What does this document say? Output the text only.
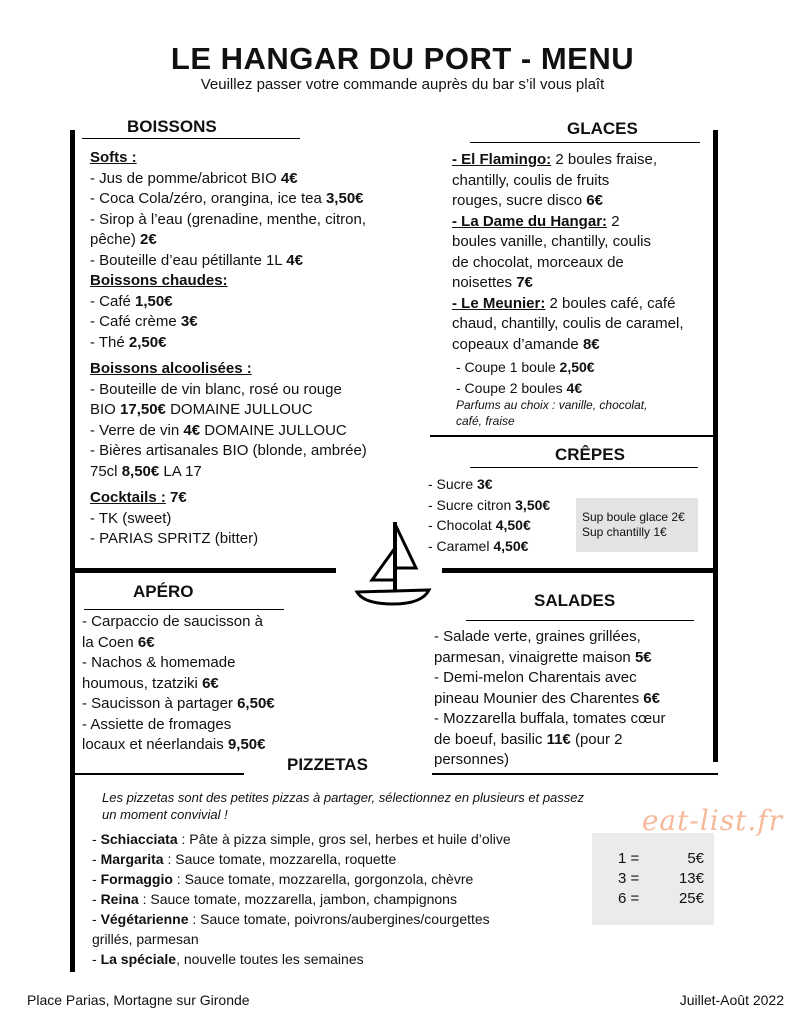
LE HANGAR DU PORT - MENU
Veuillez passer votre commande auprès du bar s’il vous plaît
BOISSONS
Softs :
- Jus de pomme/abricot BIO 4€
- Coca Cola/zéro, orangina, ice tea 3,50€
- Sirop à l’eau (grenadine, menthe, citron,
pêche) 2€
- Bouteille d’eau pétillante 1L 4€
Boissons chaudes:
- Café 1,50€
- Café crème 3€
- Thé 2,50€
Boissons alcoolisées :
- Bouteille de vin blanc, rosé ou rouge
BIO 17,50€ DOMAINE JULLOUC
- Verre de vin 4€ DOMAINE JULLOUC
- Bières artisanales BIO (blonde, ambrée)
75cl 8,50€ LA 17
Cocktails : 7€
- TK (sweet)
- PARIAS SPRITZ (bitter)
GLACES
- El Flamingo: 2 boules fraise,
chantilly, coulis de fruits
rouges, sucre disco 6€
- La Dame du Hangar: 2
boules vanille, chantilly, coulis
de chocolat, morceaux de
noisettes 7€
- Le Meunier: 2 boules café, café
chaud, chantilly, coulis de caramel,
copeaux d’amande 8€
- Coupe 1 boule 2,50€
- Coupe 2 boules 4€
Parfums au choix : vanille, chocolat,
café, fraise
CRÊPES
- Sucre 3€
- Sucre citron 3,50€
- Chocolat 4,50€
- Caramel 4,50€
Sup boule glace 2€
Sup chantilly 1€
APÉRO
- Carpaccio de saucisson à
la Coen 6€
- Nachos & homemade
houmous, tzatziki 6€
- Saucisson à partager 6,50€
- Assiette de fromages
locaux et néerlandais 9,50€
SALADES
- Salade verte, graines grillées,
parmesan, vinaigrette maison 5€
- Demi-melon Charentais avec
pineau Mounier des Charentes 6€
- Mozzarella buffala, tomates cœur
de boeuf, basilic 11€ (pour 2
personnes)
PIZZETAS
Les pizzetas sont des petites pizzas à partager, sélectionnez en plusieurs et passez
un moment convivial !
- Schiacciata : Pâte à pizza simple, gros sel, herbes et huile d’olive
- Margarita : Sauce tomate, mozzarella, roquette
- Formaggio : Sauce tomate, mozzarella, gorgonzola, chèvre
- Reina : Sauce tomate, mozzarella, jambon, champignons
- Végétarienne : Sauce tomate, poivrons/aubergines/courgettes
grillés, parmesan
- La spéciale, nouvelle toutes les semaines
1 =	5€
3 =	13€
6 =	25€
eat-list.fr
Place Parias, Mortagne sur Gironde	Juillet-Août 2022
